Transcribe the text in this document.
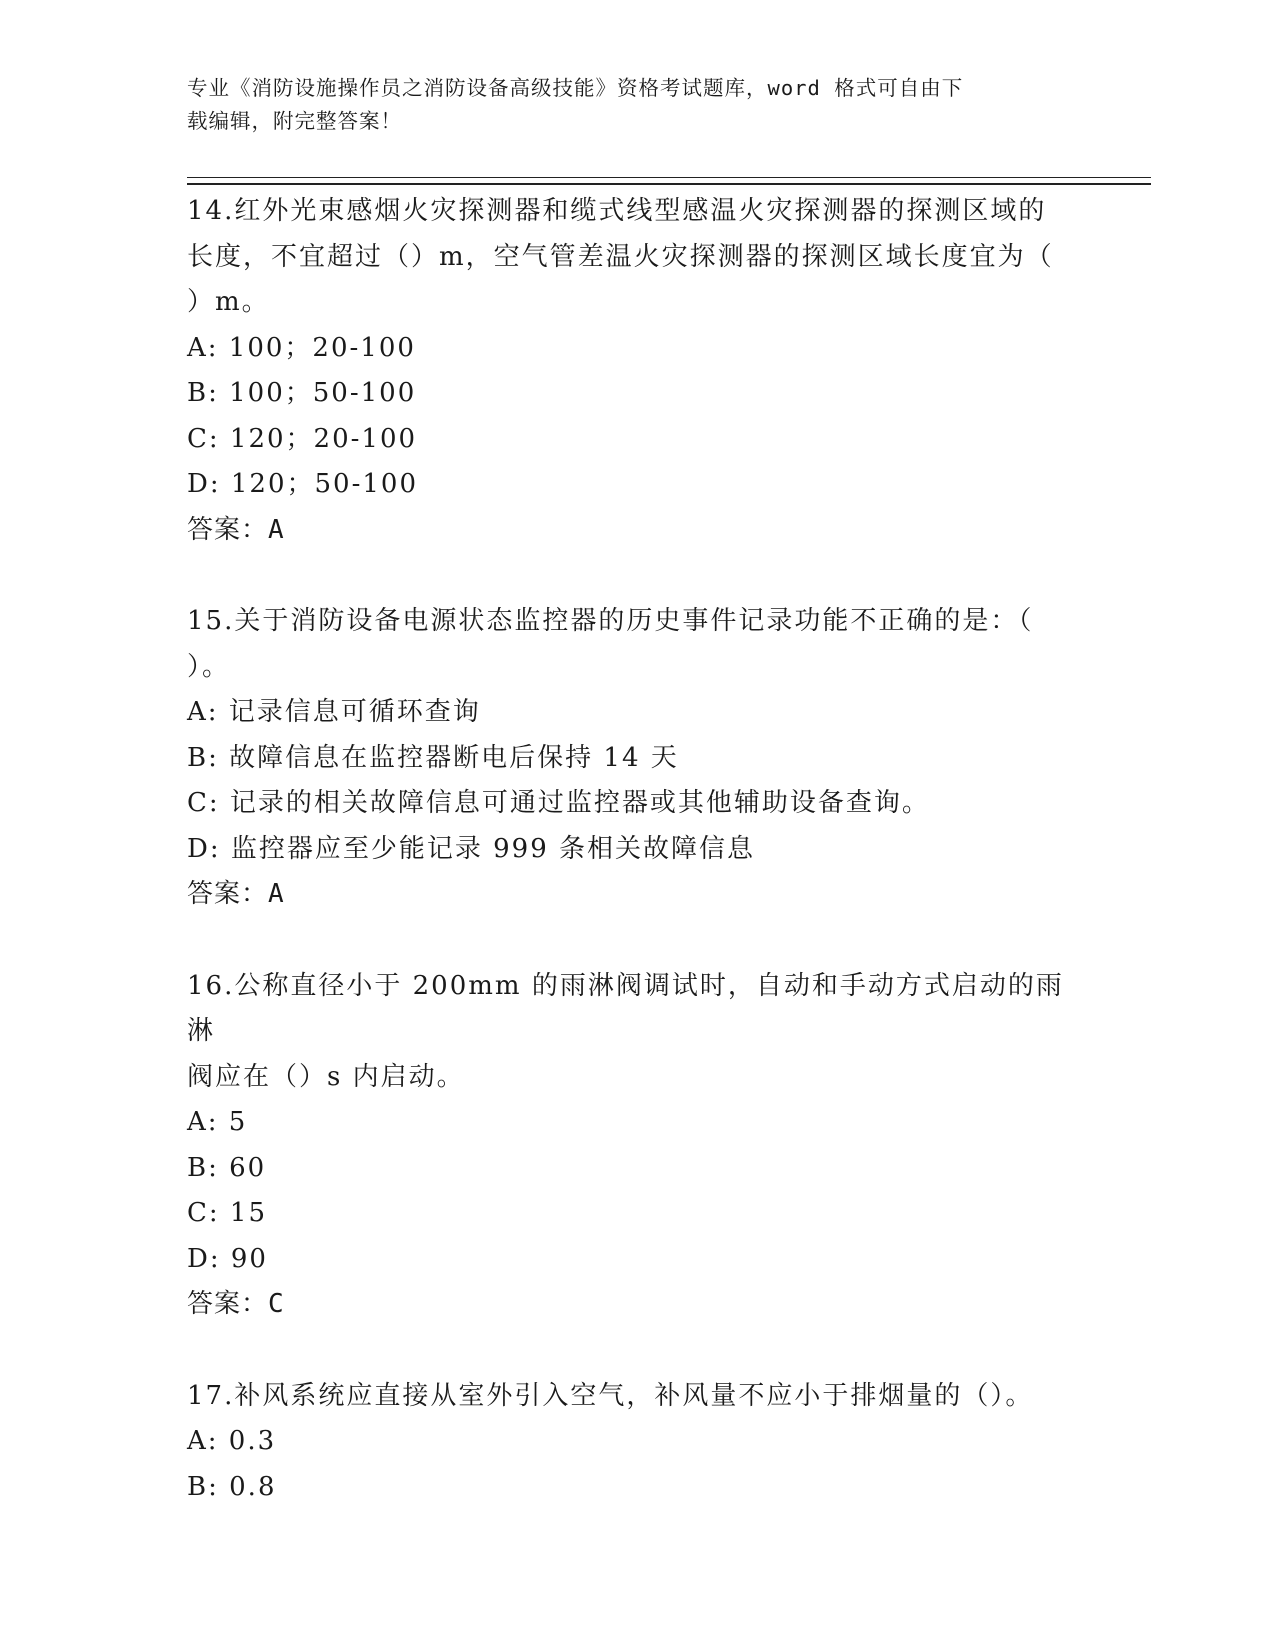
专业《消防设施操作员之消防设备高级技能》资格考试题库，word 格式可自由下
载编辑，附完整答案！

14.红外光束感烟火灾探测器和缆式线型感温火灾探测器的探测区域的

长度，不宜超过（）m，空气管差温火灾探测器的探测区域长度宜为（

）m。

A: 100；20-100

B: 100；50-100

C: 120；20-100

D: 120；50-100

答案：A

15.关于消防设备电源状态监控器的历史事件记录功能不正确的是：（

）。

A: 记录信息可循环查询

B: 故障信息在监控器断电后保持 14 天

C: 记录的相关故障信息可通过监控器或其他辅助设备查询。

D: 监控器应至少能记录 999 条相关故障信息

答案：A

16.公称直径小于 200mm 的雨淋阀调试时，自动和手动方式启动的雨淋

阀应在（）s 内启动。

A: 5

B: 60

C: 15

D: 90

答案：C

17.补风系统应直接从室外引入空气，补风量不应小于排烟量的（）。

A: 0.3

B: 0.8
